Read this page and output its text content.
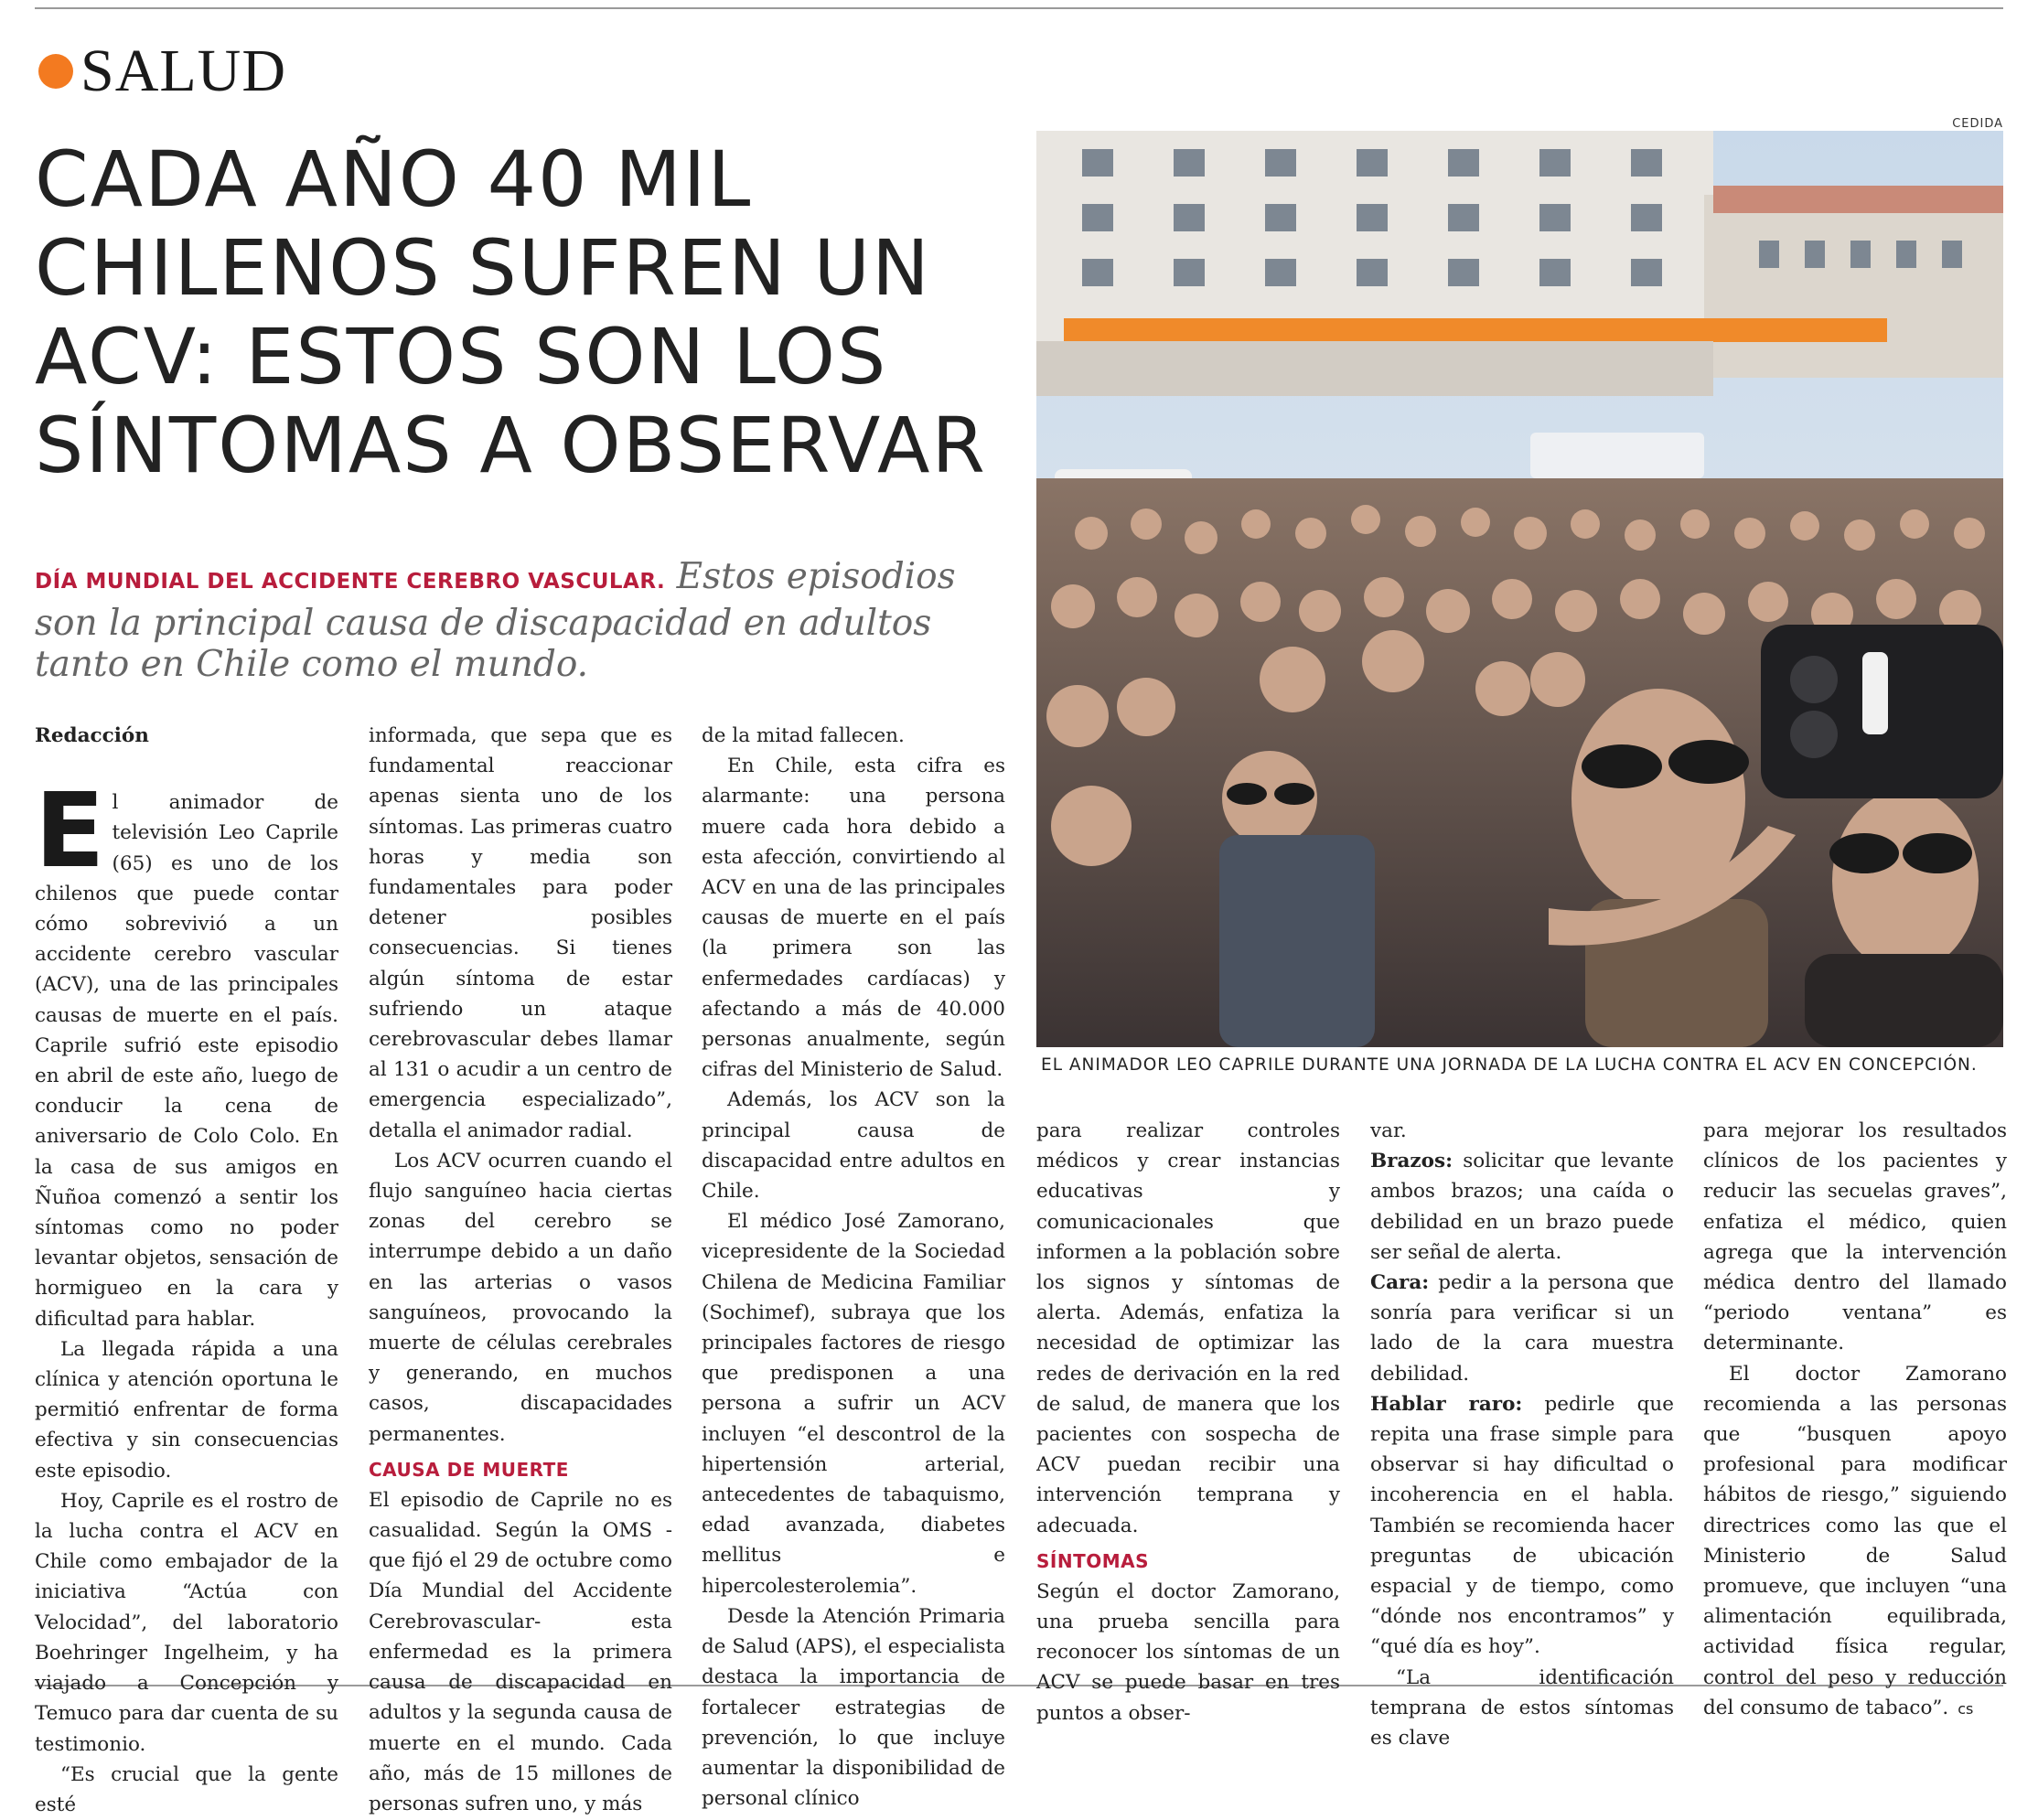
SALUD
CADA AÑO 40 MIL CHILENOS SUFREN UN ACV: ESTOS SON LOS SÍNTOMAS A OBSERVAR
DÍA MUNDIAL DEL ACCIDENTE CEREBRO VASCULAR. Estos episodios son la principal causa de discapacidad en adultos tanto en Chile como el mundo.
CEDIDA
EL ANIMADOR LEO CAPRILE DURANTE UNA JORNADA DE LA LUCHA CONTRA EL ACV EN CONCEPCIÓN.

Redacción

El animador de televisión Leo Caprile (65) es uno de los chilenos que puede contar cómo sobrevivió a un accidente cerebro vascular (ACV), una de las principales causas de muerte en el país. Caprile sufrió este episodio en abril de este año, luego de conducir la cena de aniversario de Colo Colo. En la casa de sus amigos en Ñuñoa comenzó a sentir los síntomas como no poder levantar objetos, sensación de hormigueo en la cara y dificultad para hablar.

La llegada rápida a una clínica y atención oportuna le permitió enfrentar de forma efectiva y sin consecuencias este episodio.

Hoy, Caprile es el rostro de la lucha contra el ACV en Chile como embajador de la iniciativa “Actúa con Velocidad”, del laboratorio Boehringer Ingelheim, y ha viajado a Concepción y Temuco para dar cuenta de su testimonio.

“Es crucial que la gente esté

informada, que sepa que es fundamental reaccionar apenas sienta uno de los síntomas. Las primeras cuatro horas y media son fundamentales para poder detener posibles consecuencias. Si tienes algún síntoma de estar sufriendo un ataque cerebrovascular debes llamar al 131 o acudir a un centro de emergencia especializado”, detalla el animador radial.

Los ACV ocurren cuando el flujo sanguíneo hacia ciertas zonas del cerebro se interrumpe debido a un daño en las arterias o vasos sanguíneos, provocando la muerte de células cerebrales y generando, en muchos casos, discapacidades permanentes.

CAUSA DE MUERTE

El episodio de Caprile no es casualidad. Según la OMS -que fijó el 29 de octubre como Día Mundial del Accidente Cerebrovascular- esta enfermedad es la primera causa de discapacidad en adultos y la segunda causa de muerte en el mundo. Cada año, más de 15 millones de personas sufren uno, y más

de la mitad fallecen.

En Chile, esta cifra es alarmante: una persona muere cada hora debido a esta afección, convirtiendo al ACV en una de las principales causas de muerte en el país (la primera son las enfermedades cardíacas) y afectando a más de 40.000 personas anualmente, según cifras del Ministerio de Salud.

Además, los ACV son la principal causa de discapacidad entre adultos en Chile.

El médico José Zamorano, vicepresidente de la Sociedad Chilena de Medicina Familiar (Sochimef), subraya que los principales factores de riesgo que predisponen a una persona a sufrir un ACV incluyen “el descontrol de la hipertensión arterial, antecedentes de tabaquismo, edad avanzada, diabetes mellitus e hipercolesterolemia”.

Desde la Atención Primaria de Salud (APS), el especialista destaca la importancia de fortalecer estrategias de prevención, lo que incluye aumentar la disponibilidad de personal clínico

para realizar controles médicos y crear instancias educativas y comunicacionales que informen a la población sobre los signos y síntomas de alerta. Además, enfatiza la necesidad de optimizar las redes de derivación en la red de salud, de manera que los pacientes con sospecha de ACV puedan recibir una intervención temprana y adecuada.

SÍNTOMAS

Según el doctor Zamorano, una prueba sencilla para reconocer los síntomas de un ACV se puede basar en tres puntos a obser-

var.

Brazos: solicitar que levante ambos brazos; una caída o debilidad en un brazo puede ser señal de alerta.

Cara: pedir a la persona que sonría para verificar si un lado de la cara muestra debilidad.

Hablar raro: pedirle que repita una frase simple para observar si hay dificultad o incoherencia en el habla. También se recomienda hacer preguntas de ubicación espacial y de tiempo, como “dónde nos encontramos” y “qué día es hoy”.

“La identificación temprana de estos síntomas es clave

para mejorar los resultados clínicos de los pacientes y reducir las secuelas graves”, enfatiza el médico, quien agrega que la intervención médica dentro del llamado “periodo ventana” es determinante.

El doctor Zamorano recomienda a las personas que “busquen apoyo profesional para modificar hábitos de riesgo,” siguiendo directrices como las que el Ministerio de Salud promueve, que incluyen “una alimentación equilibrada, actividad física regular, control del peso y reducción del consumo de tabaco”. cs
